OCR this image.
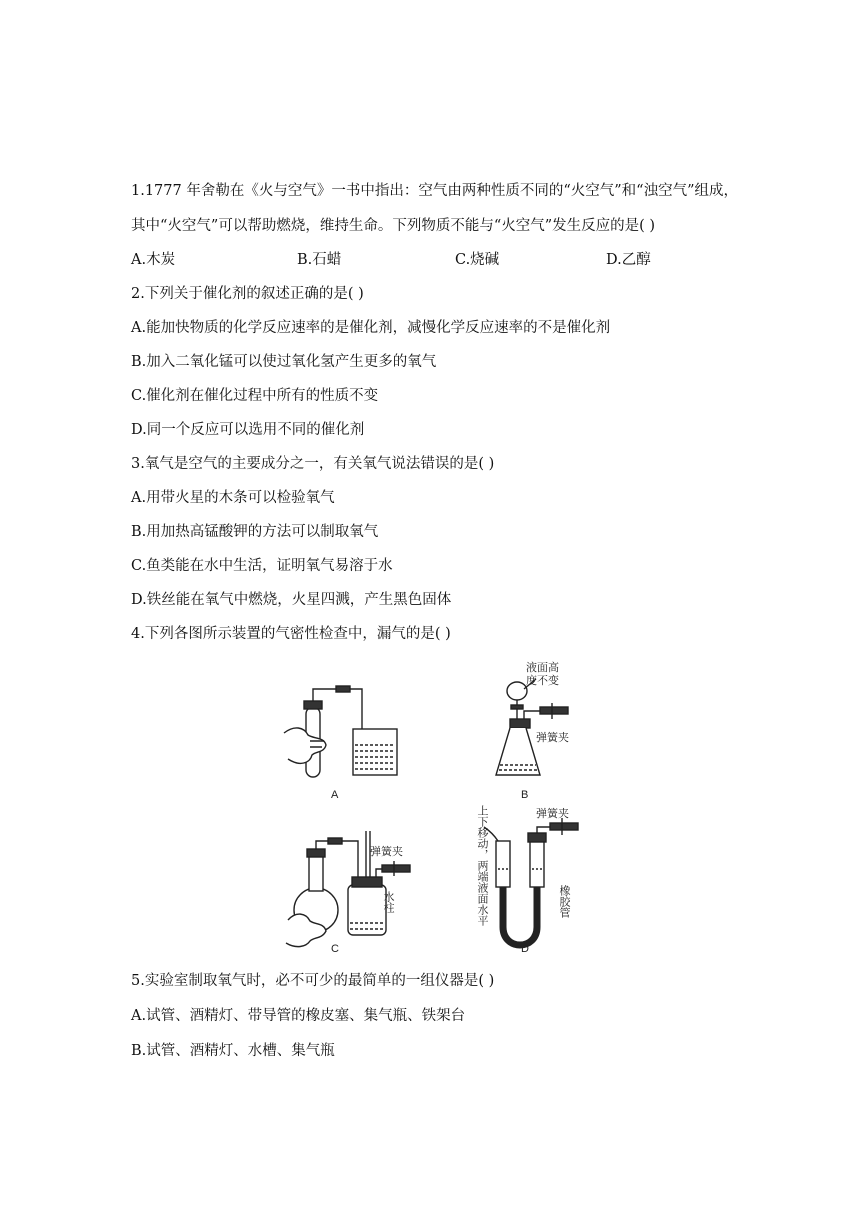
1.1777 年舍勒在《火与空气》一书中指出：空气由两种性质不同的“火空气”和“浊空气”组成，
其中“火空气”可以帮助燃烧，维持生命。下列物质不能与“火空气”发生反应的是( )
A.木炭	B.石蜡	C.烧碱	D.乙醇
2.下列关于催化剂的叙述正确的是( )
A.能加快物质的化学反应速率的是催化剂，减慢化学反应速率的不是催化剂
B.加入二氧化锰可以使过氧化氢产生更多的氧气
C.催化剂在催化过程中所有的性质不变
D.同一个反应可以选用不同的催化剂
3.氧气是空气的主要成分之一，有关氧气说法错误的是( )
A.用带火星的木条可以检验氧气
B.用加热高锰酸钾的方法可以制取氧气
C.鱼类能在水中生活，证明氧气易溶于水
D.铁丝能在氧气中燃烧，火星四溅，产生黑色固体
4.下列各图所示装置的气密性检查中，漏气的是( )
A	B
C	D
液面高
度不变
弹簧夹
弹簧夹
水柱
弹簧夹
上下移动，两端液面水平	橡胶管
5.实验室制取氧气时，必不可少的最简单的一组仪器是( )
A.试管、酒精灯、带导管的橡皮塞、集气瓶、铁架台
B.试管、酒精灯、水槽、集气瓶
